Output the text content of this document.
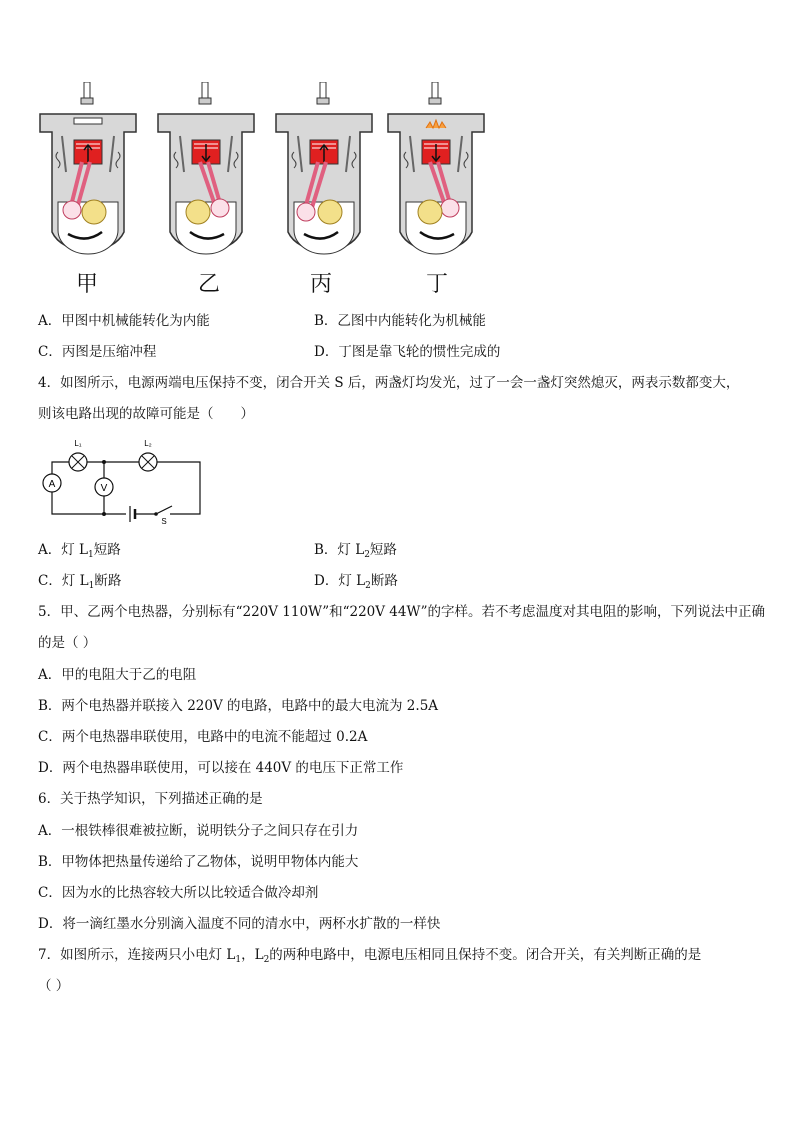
甲	乙	丙	丁
A．甲图中机械能转化为内能	B．乙图中内能转化为机械能
C．丙图是压缩冲程	D．丁图是靠飞轮的惯性完成的
4．如图所示，电源两端电压保持不变，闭合开关 S 后，两盏灯均发光，过了一会一盏灯突然熄灭，两表示数都变大，
则该电路出现的故障可能是（　　）
A	V
L₁	L₂
S
A．灯 $L_1$短路	B．灯 $L_2$短路
C．灯 $L_1$断路	D．灯 $L_2$断路
5．甲、乙两个电热器，分别标有“220V 110W”和“220V 44W”的字样。若不考虑温度对其电阻的影响，下列说法中正确
的是（ ）
A．甲的电阻大于乙的电阻
B．两个电热器并联接入 220V 的电路，电路中的最大电流为 2.5A
C．两个电热器串联使用，电路中的电流不能超过 0.2A
D．两个电热器串联使用，可以接在 440V 的电压下正常工作
6．关于热学知识，下列描述正确的是
A．一根铁棒很难被拉断，说明铁分子之间只存在引力
B．甲物体把热量传递给了乙物体，说明甲物体内能大
C．因为水的比热容较大所以比较适合做冷却剂
D．将一滴红墨水分别滴入温度不同的清水中，两杯水扩散的一样快
7．如图所示，连接两只小电灯 $L_1$，$L_2$的两种电路中，电源电压相同且保持不变。闭合开关，有关判断正确的是
（ ）
